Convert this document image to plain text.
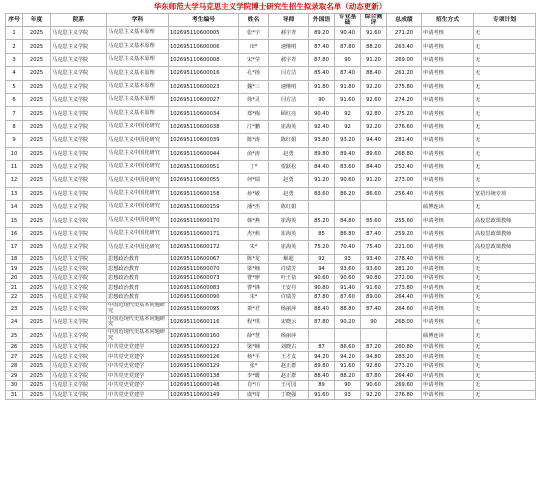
华东师范大学马克思主义学院博士研究生招生拟录取名单（动态更新）
序号	年度	院系	学科	考生编号	姓名	导师	外国语	专业基础	综合测评	总成绩	招生方式	专项计划
1	2025	马克思主义学院	马克思主义基本原理	102695110600005	张*宇	郝宇青	89.20	90.40	91.60	271.20	申请考核	无
2	2025	马克思主义学院	马克思主义基本原理	102695110600006	田*	速继明	87.40	87.80	88.20	263.40	申请考核	无
3	2025	马克思主义学院	马克思主义基本原理	102695110600008	宋*莹	郝宇青	87.80	90	91.20	269.00	申请考核	无
4	2025	马克思主义学院	马克思主义基本原理	102695110600016	孔*扬	闫方洁	85.40	87.40	88.40	261.20	申请考核	无
5	2025	马克思主义学院	马克思主义基本原理	102695110600023	魏*三	速继明	91.80	91.80	92.20	275.80	申请考核	无
6	2025	马克思主义学院	马克思主义基本原理	102695110600027	徐*灵	闫方洁	90	91.60	92.60	274.20	申请考核	无
7	2025	马克思主义学院	马克思主义基本原理	102695110600034	郑*梅	顾红亮	90.40	92	92.80	275.20	申请考核	无
8	2025	马克思主义学院	马克思主义中国化研究	102695110600038	江*鹏	崔海英	92.40	92	92.20	276.60	申请考核	无
9	2025	马克思主义学院	马克思主义中国化研究	102695110600039	陈*涛	陈红娟	93.80	93.20	94.40	281.40	申请考核	无
10	2025	马克思主义学院	马克思主义中国化研究	102695110600044	俞*涛	赵勇	89.80	89.40	89.60	268.80	申请考核	无
11	2025	马克思主义学院	马克思主义中国化研究	102695110600051	丁*	贺跃松	84.40	83.60	84.40	252.40	申请考核	无
12	2025	马克思主义学院	马克思主义中国化研究	102695110600055	何*瑞	赵勇	91.20	90.60	91.20	273.00	申请考核	无
13	2025	马克思主义学院	马克思主义中国化研究	102695110600158	孙*敏	赵勇	83.60	86.20	86.60	256.40	申请考核	宽招玛统专项
14	2025	马克思主义学院	马克思主义中国化研究	102695110600159	潘*杰	陈红娟					硕博连读	无
15	2025	马克思主义学院	马克思主义中国化研究	102695110600170	韩*燕	崔海英	85.20	84.80	85.60	255.60	申请考核	高校思政课教师
16	2025	马克思主义学院	马克思主义中国化研究	102695110600171	杰*莉	崔海英	85	86.80	87.40	259.20	申请考核	高校思政课教师
17	2025	马克思主义学院	马克思主义中国化研究	102695110600172	朱*	崔海英	75.20	70.40	75.40	221.00	申请考核	高校思政课教师
18	2025	马克思主义学院	思想政治教育	102695110600067	陈*龙	解超	92	93	93.40	278.40	申请考核	无
19	2025	马克思主义学院	思想政治教育	102695110600070	梁*楠	许瑞芳	94	93.60	93.60	281.20	申请考核	无
20	2025	马克思主义学院	思想政治教育	102695110600073	曹*廖	叶王蓓	90.60	90.60	90.80	272.00	申请考核	无
21	2025	马克思主义学院	思想政治教育	102695110600083	曹*锋	王安丹	90.80	91.40	91.60	273.80	申请考核	无
22	2025	马克思主义学院	思想政治教育	102695110600090	朱*	许瑞芳	87.80	87.60	89.00	264.40	申请考核	无
23	2025	马克思主义学院	中国近现代史基本问题研究	102695110600095	萧*君	杨丽萍	88.40	88.80	87.40	264.60	申请考核	无
24	2025	马克思主义学院	中国近现代史基本问题研究	102695110600116	程*琪	宋晓云	87.80	90.20	90	268.00	申请考核	无
25	2025	马克思主义学院	中国近现代史基本问题研究	102695110600160	薛*慧	杨丽萍					硕博连读	无
26	2025	马克思主义学院	中共党史党建学	102695110600122	梁*楠	刘晓古	87	86.60	87.20	260.80	申请考核	无
27	2025	马克思主义学院	中共党史党建学	102695110600126	杨*平	王才友	94.20	94.20	94.80	283.20	申请考核	无
28	2025	马克思主义学院	中共党史党建学	102695110600129	张*	赵正群	89.80	91.60	92.80	273.20	申请考核	无
29	2025	马克思主义学院	中共党史党建学	102695110600138	李*暖	赵正群	88.40	88.20	87.80	264.40	申请考核	无
30	2025	马克思主义学院	中共党史党建学	102695110600148	肖*川	王可园	89	90	90.60	269.60	申请考核	无
31	2025	马克思主义学院	中共党史党建学	102695110600149	虞*琦	丁晓强	91.60	93	92.20	276.80	申请考核	无
